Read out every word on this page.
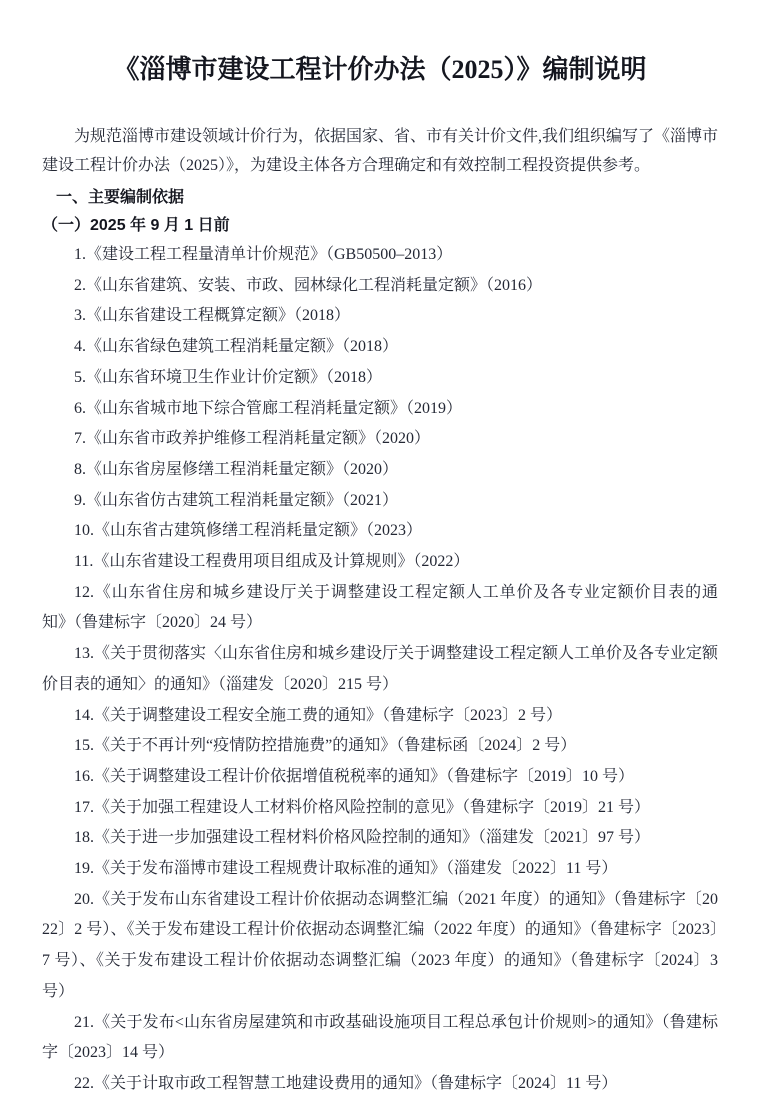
《淄博市建设工程计价办法（2025）》编制说明

为规范淄博市建设领域计价行为，依据国家、省、市有关计价文件,我们组织编写了《淄博市建设工程计价办法（2025）》，为建设主体各方合理确定和有效控制工程投资提供参考。

一、主要编制依据
（一）2025 年 9 月 1 日前

1.《建设工程工程量清单计价规范》（GB50500–2013）

2.《山东省建筑、安装、市政、园林绿化工程消耗量定额》（2016）

3.《山东省建设工程概算定额》（2018）

4.《山东省绿色建筑工程消耗量定额》（2018）

5.《山东省环境卫生作业计价定额》（2018）

6.《山东省城市地下综合管廊工程消耗量定额》（2019）

7.《山东省市政养护维修工程消耗量定额》（2020）

8.《山东省房屋修缮工程消耗量定额》（2020）

9.《山东省仿古建筑工程消耗量定额》（2021）

10.《山东省古建筑修缮工程消耗量定额》（2023）

11.《山东省建设工程费用项目组成及计算规则》（2022）

12.《山东省住房和城乡建设厅关于调整建设工程定额人工单价及各专业定额价目表的通知》（鲁建标字〔2020〕24 号）

13.《关于贯彻落实〈山东省住房和城乡建设厅关于调整建设工程定额人工单价及各专业定额价目表的通知〉的通知》（淄建发〔2020〕215 号）

14.《关于调整建设工程安全施工费的通知》（鲁建标字〔2023〕2 号）

15.《关于不再计列“疫情防控措施费”的通知》（鲁建标函〔2024〕2 号）

16.《关于调整建设工程计价依据增值税税率的通知》（鲁建标字〔2019〕10 号）

17.《关于加强工程建设人工材料价格风险控制的意见》（鲁建标字〔2019〕21 号）

18.《关于进一步加强建设工程材料价格风险控制的通知》（淄建发〔2021〕97 号）

19.《关于发布淄博市建设工程规费计取标准的通知》（淄建发〔2022〕11 号）

20.《关于发布山东省建设工程计价依据动态调整汇编（2021 年度）的通知》（鲁建标字〔2022〕2 号）、《关于发布建设工程计价依据动态调整汇编（2022 年度）的通知》（鲁建标字〔2023〕7 号）、《关于发布建设工程计价依据动态调整汇编（2023 年度）的通知》（鲁建标字〔2024〕3 号）

21.《关于发布<山东省房屋建筑和市政基础设施项目工程总承包计价规则>的通知》（鲁建标字〔2023〕14 号）

22.《关于计取市政工程智慧工地建设费用的通知》（鲁建标字〔2024〕11 号）
